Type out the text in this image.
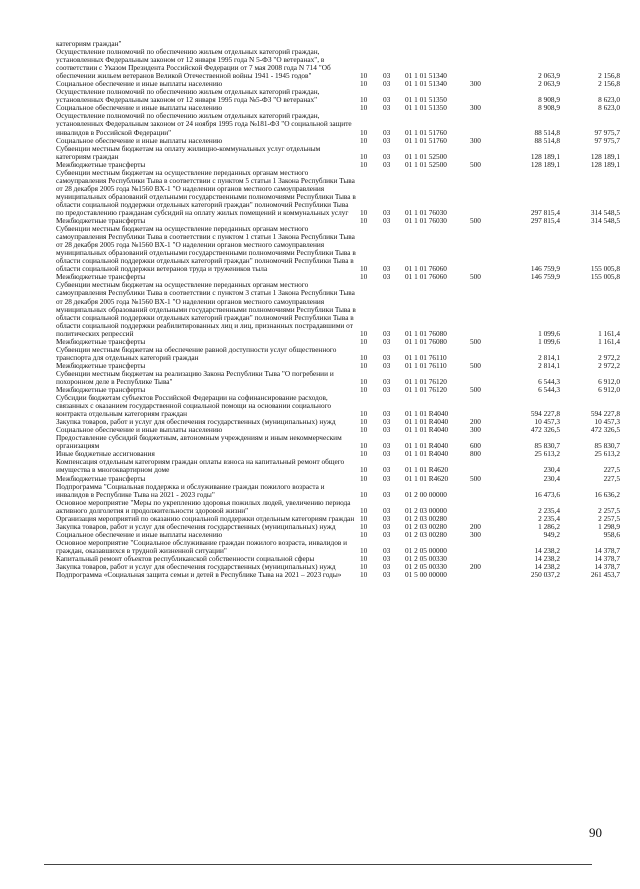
категориям граждан"
Осуществление полномочий по обеспечению жильем отдельных категорий граждан, установленных Федеральным законом от 12 января 1995 года N 5-ФЗ "О ветеранах", в соответствии с Указом Президента Российской Федерации от 7 мая 2008 года N 714 "Об обеспечении жильем ветеранов Великой Отечественной войны 1941 - 1945 годов"	10	03	01 1 01 51340	2 063,9	2 156,8
Социальное обеспечение и иные выплаты населению	10	03	01 1 01 51340	300	2 063,9	2 156,8
Осуществление полномочий по обеспечению жильем отдельных категорий граждан, установленных Федеральным законом от 12 января 1995 года №5-ФЗ "О ветеранах"	10	03	01 1 01 51350	8 908,9	8 623,0
Социальное обеспечение и иные выплаты населению	10	03	01 1 01 51350	300	8 908,9	8 623,0
Осуществление полномочий по обеспечению жильем отдельных категорий граждан, установленных Федеральным законом от 24 ноября 1995 года №181-ФЗ "О социальной защите инвалидов в Российской Федерации"	10	03	01 1 01 51760	88 514,8	97 975,7
Социальное обеспечение и иные выплаты населению	10	03	01 1 01 51760	300	88 514,8	97 975,7
Субвенции местным бюджетам на оплату жилищно-коммунальных услуг отдельным категориям граждан	10	03	01 1 01 52500	128 189,1	128 189,1
Межбюджетные трансферты	10	03	01 1 01 52500	500	128 189,1	128 189,1
Субвенции местным бюджетам на осуществление переданных органам местного самоуправления Республики Тыва в соответствии с пунктом 5 статьи 1 Закона Республики Тыва от 28 декабря 2005 года №1560 ВХ-1 "О наделении органов местного самоуправления муниципальных образований отдельными государственными полномочиями Республики Тыва в области социальной поддержки отдельных категорий граждан" полномочий Республики Тыва по предоставлению гражданам субсидий на оплату жилых помещений и коммунальных услуг	10	03	01 1 01 76030	297 815,4	314 548,5
Межбюджетные трансферты	10	03	01 1 01 76030	500	297 815,4	314 548,5
Субвенции местным бюджетам на осуществление переданных органам местного самоуправления Республики Тыва в соответствии с пунктом 1 статьи 1 Закона Республики Тыва от 28 декабря 2005 года №1560 ВХ-1 "О наделении органов местного самоуправления муниципальных образований отдельными государственными полномочиями Республики Тыва в области социальной поддержки отдельных категорий граждан" полномочий Республики Тыва в области социальной поддержки ветеранов труда и тружеников тыла	10	03	01 1 01 76060	146 759,9	155 005,8
Межбюджетные трансферты	10	03	01 1 01 76060	500	146 759,9	155 005,8
Субвенции местным бюджетам на осуществление переданных органам местного самоуправления Республики Тыва в соответствии с пунктом 3 статьи 1 Закона Республики Тыва от 28 декабря 2005 года №1560 ВХ-1 "О наделении органов местного самоуправления муниципальных образований отдельными государственными полномочиями Республики Тыва в области социальной поддержки отдельных категорий граждан" полномочий Республики Тыва в области социальной поддержки реабилитированных лиц и лиц, признанных пострадавшими от политических репрессий	10	03	01 1 01 76080	1 099,6	1 161,4
Межбюджетные трансферты	10	03	01 1 01 76080	500	1 099,6	1 161,4
Субвенции местным бюджетам на обеспечение равной доступности услуг общественного транспорта для отдельных категорий граждан	10	03	01 1 01 76110	2 814,1	2 972,2
Межбюджетные трансферты	10	03	01 1 01 76110	500	2 814,1	2 972,2
Субвенции местным бюджетам на реализацию Закона Республики Тыва "О погребении и похоронном деле в Республике Тыва"	10	03	01 1 01 76120	6 544,3	6 912,0
Межбюджетные трансферты	10	03	01 1 01 76120	500	6 544,3	6 912,0
Субсидии бюджетам субъектов Российской Федерации на софинансирование расходов, связанных с оказанием государственной социальной помощи на основании социального контракта отдельным категориям граждан	10	03	01 1 01 R4040	594 227,8	594 227,8
Закупка товаров, работ и услуг для обеспечения государственных (муниципальных) нужд	10	03	01 1 01 R4040	200	10 457,3	10 457,3
Социальное обеспечение и иные выплаты населению	10	03	01 1 01 R4040	300	472 326,5	472 326,5
Предоставление субсидий бюджетным, автономным учреждениям и иным некоммерческим организациям	10	03	01 1 01 R4040	600	85 830,7	85 830,7
Иные бюджетные ассигнования	10	03	01 1 01 R4040	800	25 613,2	25 613,2
Компенсация отдельным категориям граждан оплаты взноса на капитальный ремонт общего имущества в многоквартирном доме	10	03	01 1 01 R4620	230,4	227,5
Межбюджетные трансферты	10	03	01 1 01 R4620	500	230,4	227,5
Подпрограмма "Социальная поддержка и обслуживание граждан пожилого возраста и инвалидов в Республике Тыва на 2021 - 2023 годы"	10	03	01 2 00 00000	16 473,6	16 636,2
Основное мероприятие "Меры по укреплению здоровья пожилых людей, увеличению периода активного долголетия и продолжительности здоровой жизни"	10	03	01 2 03 00000	2 235,4	2 257,5
Организация мероприятий по оказанию социальной поддержки отдельным категориям граждан 10	03	01 2 03 00280	2 235,4	2 257,5
Закупка товаров, работ и услуг для обеспечения государственных (муниципальных) нужд	10	03	01 2 03 00280	200	1 286,2	1 298,9
Социальное обеспечение и иные выплаты населению	10	03	01 2 03 00280	300	949,2	958,6
Основное мероприятие "Социальное обслуживание граждан пожилого возраста, инвалидов и граждан, оказавшихся в трудной жизненной ситуации"	10	03	01 2 05 00000	14 238,2	14 378,7
Капитальный ремонт объектов республиканской собственности социальной сферы	10	03	01 2 05 00330	14 238,2	14 378,7
Закупка товаров, работ и услуг для обеспечения государственных (муниципальных) нужд	10	03	01 2 05 00330	200	14 238,2	14 378,7
Подпрограмма «Социальная защита семьи и детей в Республике Тыва на 2021 – 2023 годы»	10	03	01 5 00 00000	250 037,2	261 453,7
90
